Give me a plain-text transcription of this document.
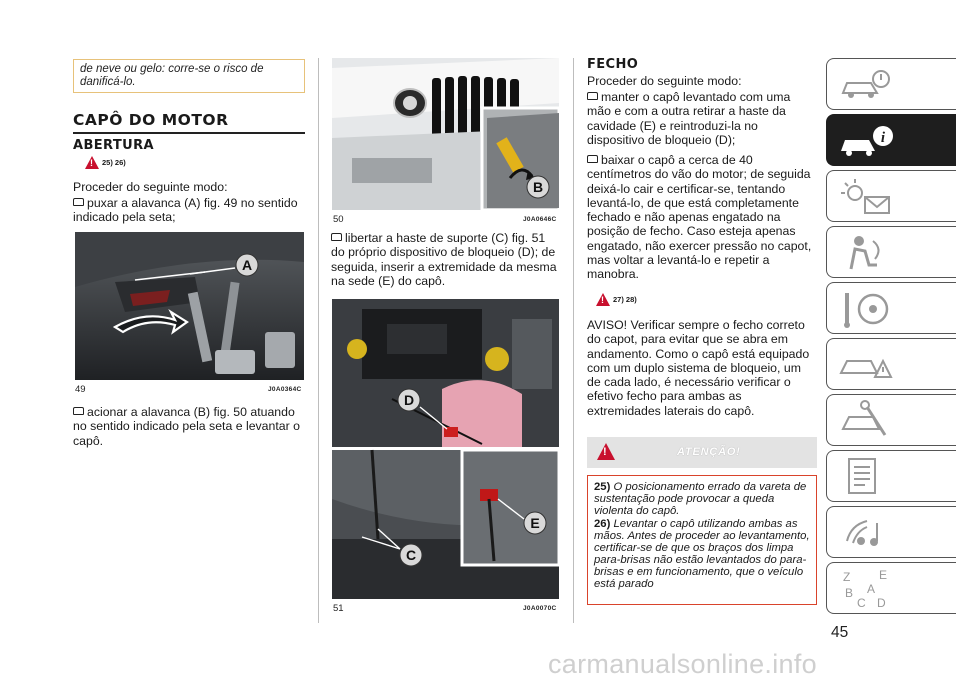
de neve ou gelo: corre-se o risco de danificá-lo.
CAPÔ DO MOTOR
ABERTURA
!
25) 26)
Proceder do seguinte modo:
puxar a alavanca (A) fig. 49 no sentido indicado pela seta;
A
49	J0A0364C
acionar a alavanca (B) fig. 50 atuando no sentido indicado pela seta e levantar o capô.
B
50	J0A0646C
libertar a haste de suporte (C) fig. 51 do próprio dispositivo de bloqueio (D); de seguida, inserir a extremidade da mesma na sede (E) do capô.
D
E
C
51	J0A0070C
FECHO
Proceder do seguinte modo:
manter o capô levantado com uma mão e com a outra retirar a haste da cavidade (E) e reintroduzi-la no dispositivo de bloqueio (D);
baixar o capô a cerca de 40 centímetros do vão do motor; de seguida deixá-lo cair e certificar-se, tentando levantá-lo, de que está completamente fechado e não apenas engatado na posição de fecho. Caso esteja apenas engatado, não exercer pressão no capot, mas voltar a levantá-lo e repetir a manobra.
!
27) 28)
AVISO! Verificar sempre o fecho correto do capot, para evitar que se abra em andamento. Como o capô está equipado com um duplo sistema de bloqueio, um de cada lado, é necessário verificar o efetivo fecho para ambas as extremidades laterais do capô.
!
ATENÇÃO!
25) O posicionamento errado da vareta de sustentação pode provocar a queda violenta do capô.
26) Levantar o capô utilizando ambas as mãos. Antes de proceder ao levantamento, certificar-se de que os braços dos limpa para-brisas não estão levantados do para-brisas e em funcionamento, que o veículo está parado
i
Z E
B A
C D
45
carmanualsonline.info
